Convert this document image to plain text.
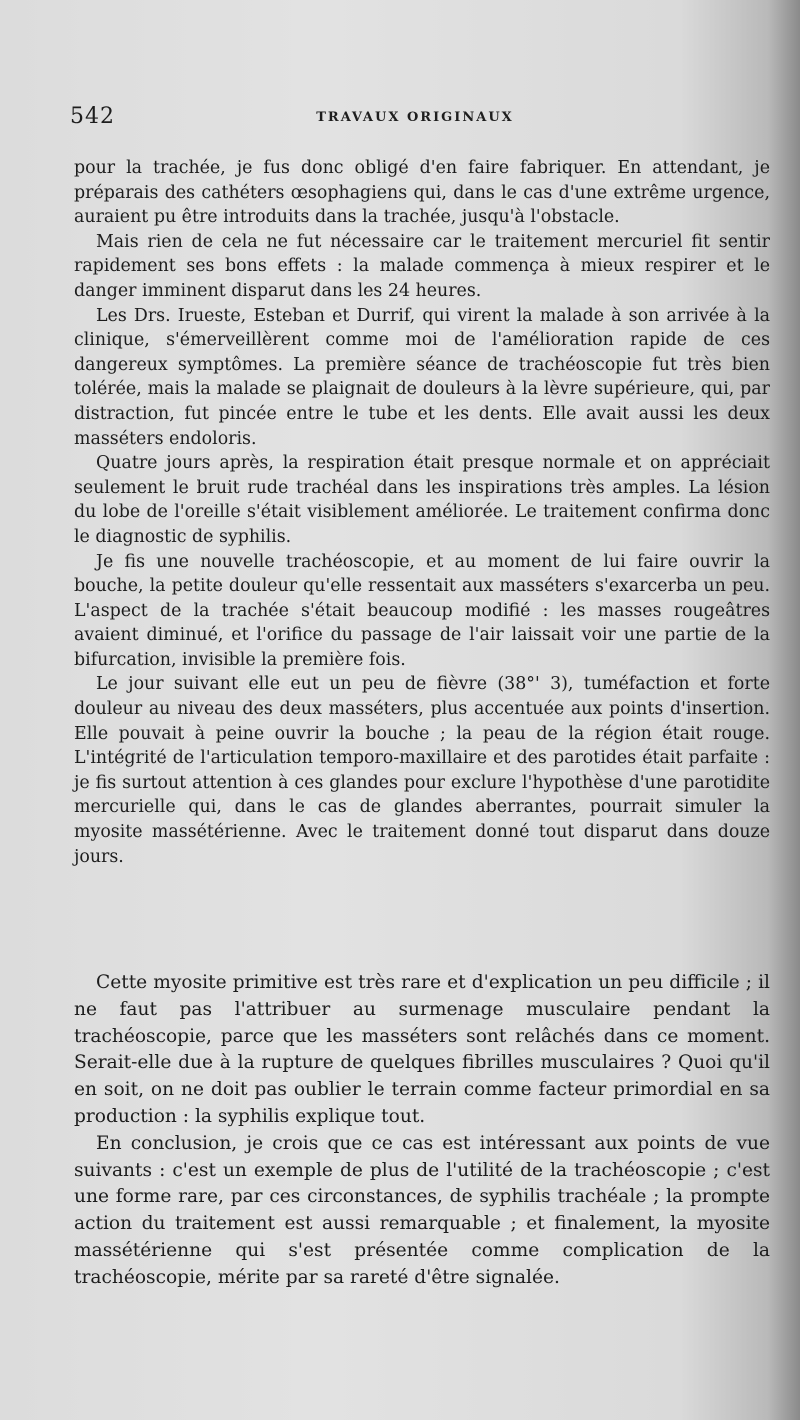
542	TRAVAUX ORIGINAUX

pour la trachée, je fus donc obligé d'en faire fabriquer. En attendant, je préparais des cathéters œsophagiens qui, dans le cas d'une extrême urgence, auraient pu être introduits dans la trachée, jusqu'à l'obstacle.

Mais rien de cela ne fut nécessaire car le traitement mercuriel fit sentir rapidement ses bons effets : la malade commença à mieux respirer et le danger imminent disparut dans les 24 heures.

Les Drs. Irueste, Esteban et Durrif, qui virent la malade à son arrivée à la clinique, s'émerveillèrent comme moi de l'amélioration rapide de ces dangereux symptômes. La première séance de trachéoscopie fut très bien tolérée, mais la malade se plaignait de douleurs à la lèvre supérieure, qui, par distraction, fut pincée entre le tube et les dents. Elle avait aussi les deux masséters endoloris.

Quatre jours après, la respiration était presque normale et on appréciait seulement le bruit rude trachéal dans les inspirations très amples. La lésion du lobe de l'oreille s'était visiblement améliorée. Le traitement confirma donc le diagnostic de syphilis.

Je fis une nouvelle trachéoscopie, et au moment de lui faire ouvrir la bouche, la petite douleur qu'elle ressentait aux masséters s'exarcerba un peu. L'aspect de la trachée s'était beaucoup modifié : les masses rougeâtres avaient diminué, et l'orifice du passage de l'air laissait voir une partie de la bifurcation, invisible la première fois.

Le jour suivant elle eut un peu de fièvre (38°' 3), tuméfaction et forte douleur au niveau des deux masséters, plus accentuée aux points d'insertion. Elle pouvait à peine ouvrir la bouche ; la peau de la région était rouge. L'intégrité de l'articulation temporo-maxillaire et des parotides était parfaite : je fis surtout attention à ces glandes pour exclure l'hypothèse d'une parotidite mercurielle qui, dans le cas de glandes aberrantes, pourrait simuler la myosite massétérienne. Avec le traitement donné tout disparut dans douze jours.

Cette myosite primitive est très rare et d'explication un peu difficile ; il ne faut pas l'attribuer au surmenage musculaire pendant la trachéoscopie, parce que les masséters sont relâchés dans ce moment. Serait-elle due à la rupture de quelques fibrilles musculaires ? Quoi qu'il en soit, on ne doit pas oublier le terrain comme facteur primordial en sa production : la syphilis explique tout.

En conclusion, je crois que ce cas est intéressant aux points de vue suivants : c'est un exemple de plus de l'utilité de la trachéoscopie ; c'est une forme rare, par ces circonstances, de syphilis trachéale ; la prompte action du traitement est aussi remarquable ; et finalement, la myosite massétérienne qui s'est présentée comme complication de la trachéoscopie, mérite par sa rareté d'être signalée.
